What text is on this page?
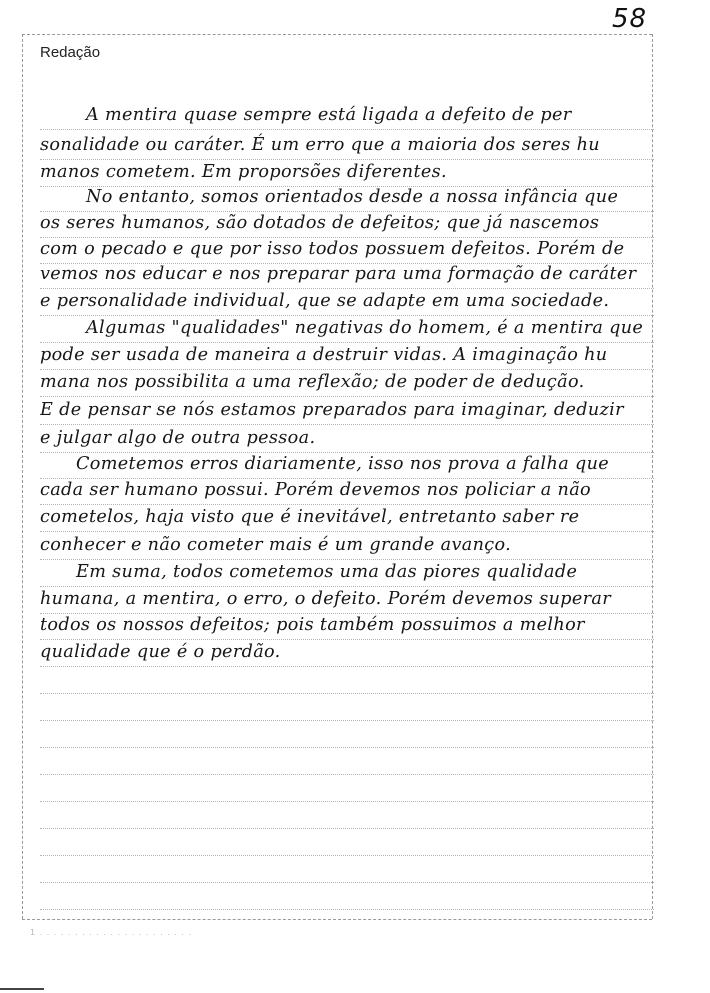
58
Redação
A mentira quase sempre está ligada a defeito de per
sonalidade ou caráter. É um erro que a maioria dos seres hu
manos cometem. Em proporsões diferentes.
No entanto, somos orientados desde a nossa infância que
os seres humanos, são dotados de defeitos; que já nascemos
com o pecado e que por isso todos possuem defeitos. Porém de
vemos nos educar e nos preparar para uma formação de caráter
e personalidade individual, que se adapte em uma sociedade.
Algumas "qualidades" negativas do homem, é a mentira que
pode ser usada de maneira a destruir vidas. A imaginação hu
mana nos possibilita a uma reflexão; de poder de dedução.
E de pensar se nós estamos preparados para imaginar, deduzir
e julgar algo de outra pessoa.
Cometemos erros diariamente, isso nos prova a falha que
cada ser humano possui. Porém devemos nos policiar a não
cometelos, haja visto que é inevitável, entretanto saber re
conhecer e não cometer mais é um grande avanço.
Em suma, todos cometemos uma das piores qualidade
humana, a mentira, o erro, o defeito. Porém devemos superar
todos os nossos defeitos; pois também possuimos a melhor
qualidade que é o perdão.
1 . . . . . . . . . . . . . . . . . . . . . .
